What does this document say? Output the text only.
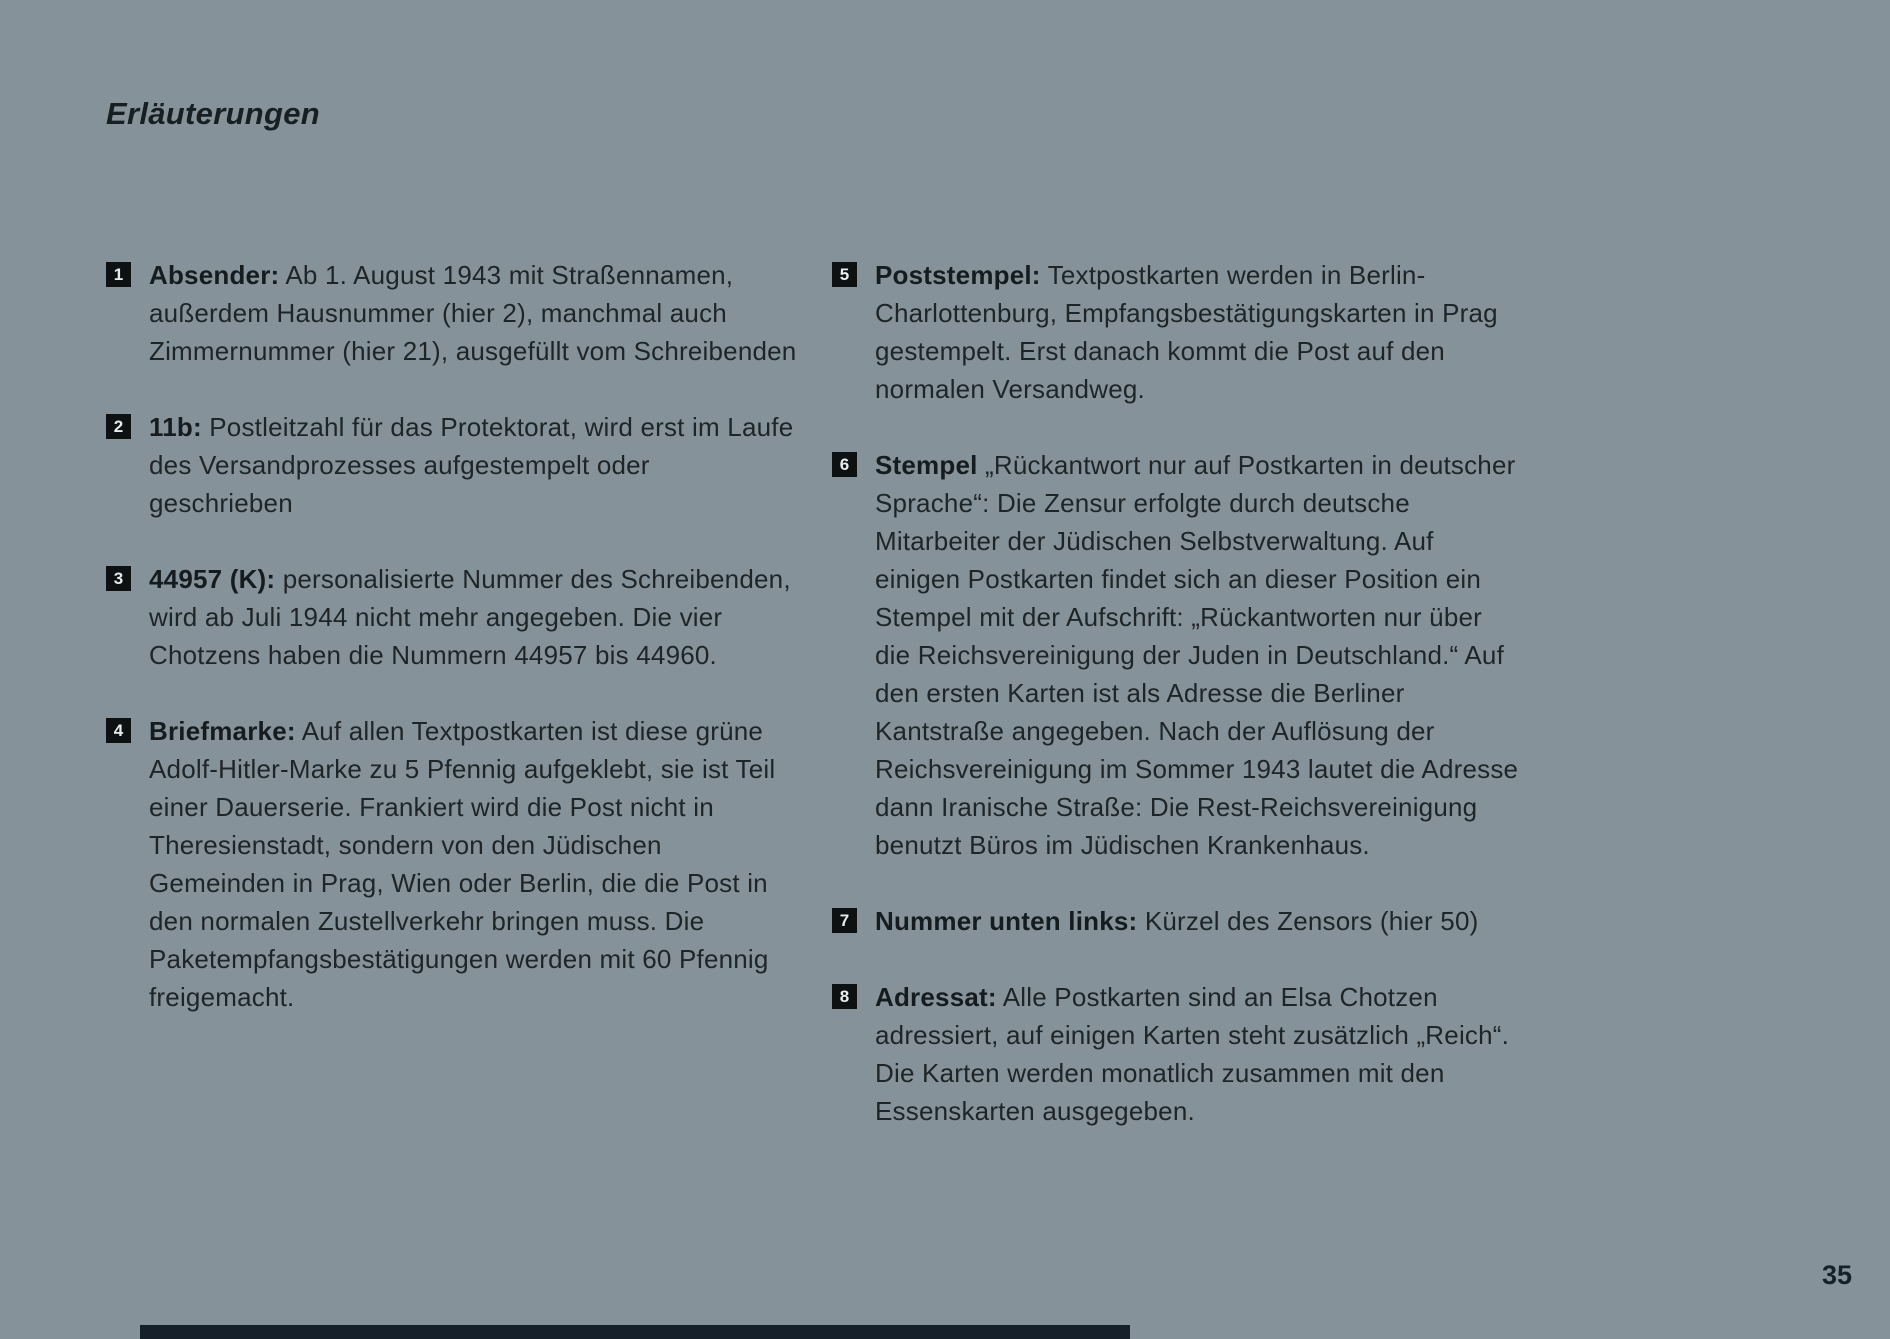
Erläuterungen
1 Absender: Ab 1. August 1943 mit Straßennamen, außerdem Hausnummer (hier 2), manchmal auch Zimmernummer (hier 21), ausgefüllt vom Schreibenden

2 11b: Postleitzahl für das Protektorat, wird erst im Laufe des Versandprozesses aufgestempelt oder geschrieben

3 44957 (K): personalisierte Nummer des Schreibenden, wird ab Juli 1944 nicht mehr angegeben. Die vier Chotzens haben die Nummern 44957 bis 44960.

4 Briefmarke: Auf allen Textpostkarten ist diese grüne Adolf-Hitler-Marke zu 5 Pfennig aufgeklebt, sie ist Teil einer Dauerserie. Frankiert wird die Post nicht in Theresienstadt, sondern von den Jüdischen Gemeinden in Prag, Wien oder Berlin, die die Post in den normalen Zustellverkehr bringen muss. Die Paketempfangsbestätigungen werden mit 60 Pfennig freigemacht.

5 Poststempel: Textpostkarten werden in Berlin-Charlottenburg, Empfangsbestätigungskarten in Prag gestempelt. Erst danach kommt die Post auf den normalen Versandweg.

6 Stempel „Rückantwort nur auf Postkarten in deutscher Sprache“: Die Zensur erfolgte durch deutsche Mitarbeiter der Jüdischen Selbstverwaltung. Auf einigen Postkarten findet sich an dieser Position ein Stempel mit der Aufschrift: „Rückantworten nur über die Reichsvereinigung der Juden in Deutschland.“ Auf den ersten Karten ist als Adresse die Berliner Kantstraße angegeben. Nach der Auflösung der Reichsvereinigung im Sommer 1943 lautet die Adresse dann Iranische Straße: Die Rest-Reichsvereinigung benutzt Büros im Jüdischen Krankenhaus.

7 Nummer unten links: Kürzel des Zensors (hier 50)

8 Adressat: Alle Postkarten sind an Elsa Chotzen adressiert, auf einigen Karten steht zusätzlich „Reich“. Die Karten werden monatlich zusammen mit den Essenskarten ausgegeben.

35
